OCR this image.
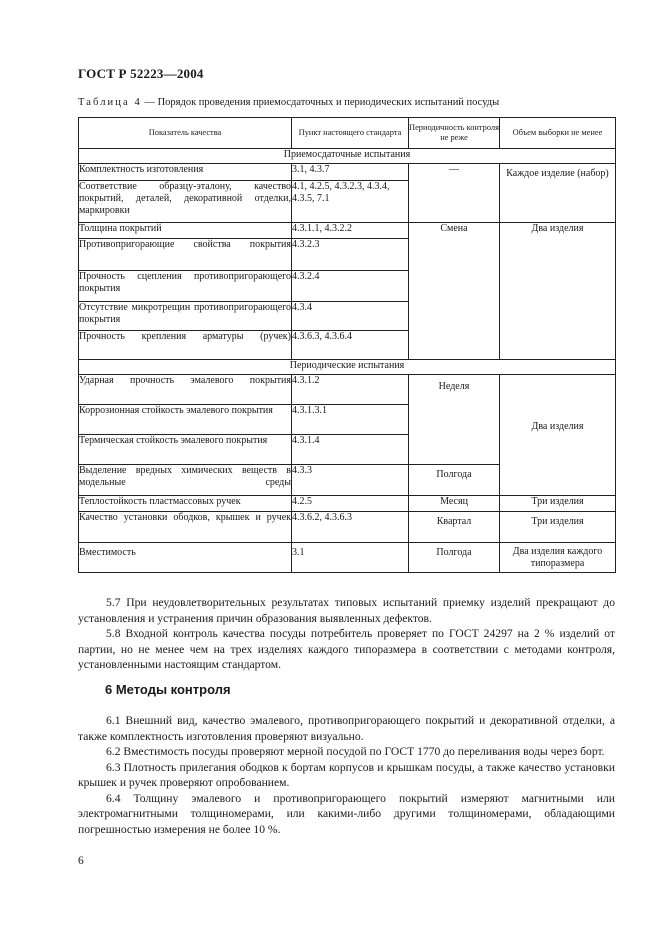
ГОСТ Р 52223—2004
Таблица 4 — Порядок проведения приемосдаточных и периодических испытаний посуды
Показатель качества	Пункт настоящего стандарта	Периодичность контроля не реже	Объем выборки не менее
Приемосдаточные испытания			
Комплектность изготовления	3.1, 4.3.7	—	Каждое изделие (набор)
Соответствие образцу-эталону, качество покрытий, деталей, декоративной отделки, маркировки	4.1, 4.2.5, 4.3.2.3, 4.3.4, 4.3.5, 7.1		
Толщина покрытий	4.3.1.1, 4.3.2.2	Смена	Два изделия
Противопригорающие свойства покрытия	4.3.2.3		
Прочность сцепления противопригорающего покрытия	4.3.2.4		
Отсутствие микротрещин противопригорающего покрытия	4.3.4		
Прочность крепления арматуры (ручек)	4.3.6.3, 4.3.6.4		
Периодические испытания			
Ударная прочность эмалевого покрытия	4.3.1.2	Неделя	Два изделия
Коррозионная стойкость эмалевого покрытия	4.3.1.3.1		
Термическая стойкость эмалевого покрытия	4.3.1.4		
Выделение вредных химических веществ в модельные среды	4.3.3	Полгода	
Теплостойкость пластмассовых ручек	4.2.5	Месяц	Три изделия
Качество установки ободков, крышек и ручек	4.3.6.2, 4.3.6.3	Квартал	Три изделия
Вместимость	3.1	Полгода	Два изделия каждого типоразмера

5.7 При неудовлетворительных результатах типовых испытаний приемку изделий прекращают до установления и устранения причин образования выявленных дефектов.

5.8 Входной контроль качества посуды потребитель проверяет по ГОСТ 24297 на 2 % изделий от партии, но не менее чем на трех изделиях каждого типоразмера в соответствии с методами контроля, установленными настоящим стандартом.

6 Методы контроля

6.1 Внешний вид, качество эмалевого, противопригорающего покрытий и декоративной отделки, а также комплектность изготовления проверяют визуально.

6.2 Вместимость посуды проверяют мерной посудой по ГОСТ 1770 до переливания воды через борт.

6.3 Плотность прилегания ободков к бортам корпусов и крышкам посуды, а также качество установки крышек и ручек проверяют опробованием.

6.4 Толщину эмалевого и противопригорающего покрытий измеряют магнитными или электромагнитными толщиномерами, или какими-либо другими толщиномерами, обладающими погрешностью измерения не более 10 %.

6
